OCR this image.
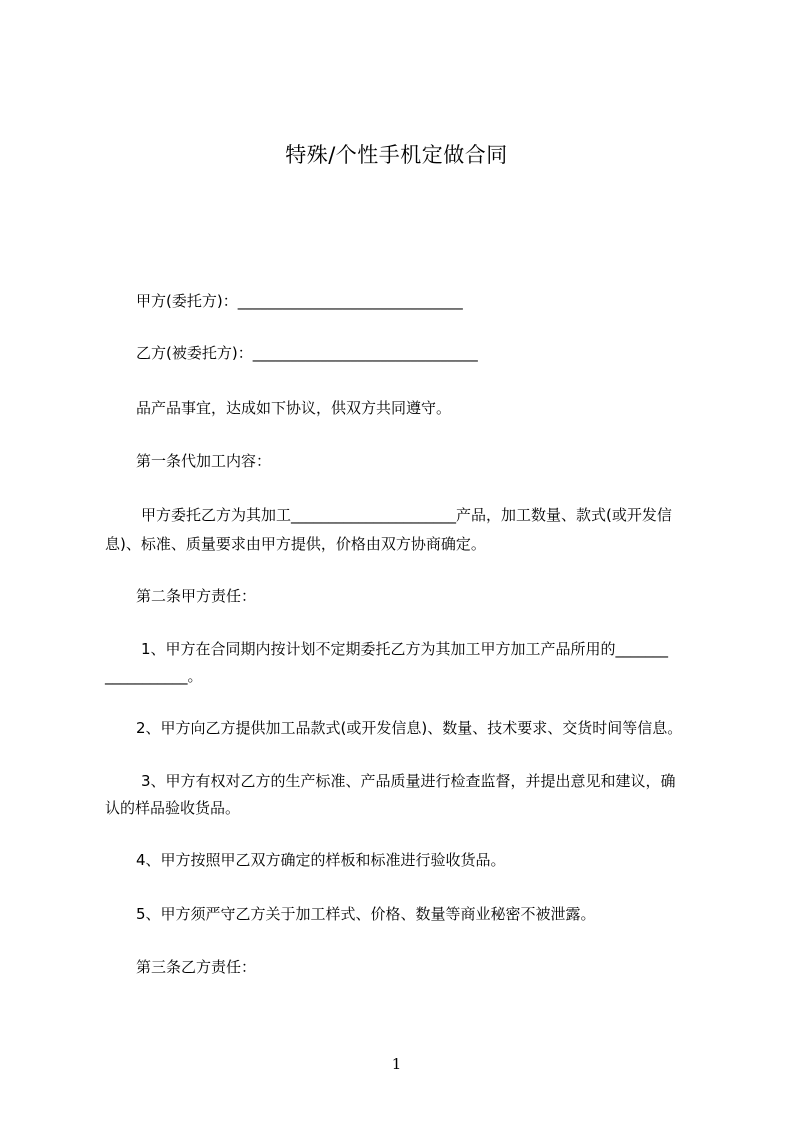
特殊/个性手机定做合同
甲方(委托方)：______________________________
乙方(被委托方)：______________________________
品产品事宜，达成如下协议，供双方共同遵守。
第一条代加工内容：
甲方委托乙方为其加工______________________产品，加工数量、款式(或开发信
息)、标准、质量要求由甲方提供，价格由双方协商确定。
第二条甲方责任：
1、甲方在合同期内按计划不定期委托乙方为其加工甲方加工产品所用的_______
___________。
2、甲方向乙方提供加工品款式(或开发信息)、数量、技术要求、交货时间等信息。
3、甲方有权对乙方的生产标准、产品质量进行检查监督，并提出意见和建议，确
认的样品验收货品。
4、甲方按照甲乙双方确定的样板和标准进行验收货品。
5、甲方须严守乙方关于加工样式、价格、数量等商业秘密不被泄露。
第三条乙方责任：
1
